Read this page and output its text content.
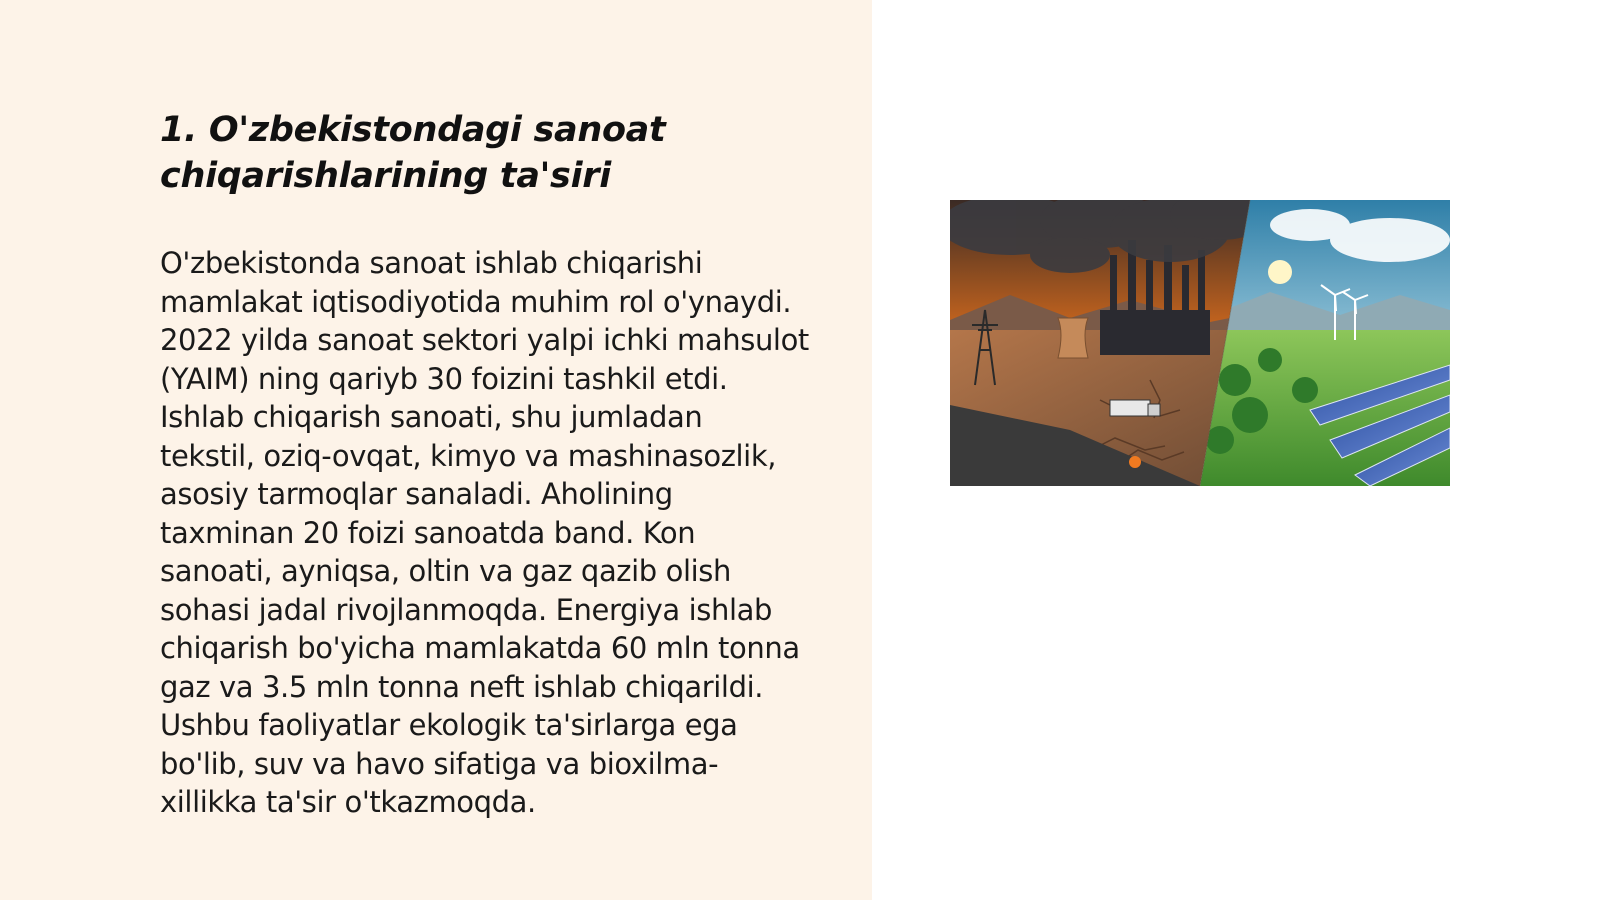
1. O'zbekistondagi sanoat
chiqarishlarining ta'siri

O'zbekistonda sanoat ishlab chiqarishi
mamlakat iqtisodiyotida muhim rol o'ynaydi.
2022 yilda sanoat sektori yalpi ichki mahsulot
(YAIM) ning qariyb 30 foizini tashkil etdi.
Ishlab chiqarish sanoati, shu jumladan
tekstil, oziq-ovqat, kimyo va mashinasozlik,
asosiy tarmoqlar sanaladi. Aholining
taxminan 20 foizi sanoatda band. Kon
sanoati, ayniqsa, oltin va gaz qazib olish
sohasi jadal rivojlanmoqda. Energiya ishlab
chiqarish bo'yicha mamlakatda 60 mln tonna
gaz va 3.5 mln tonna neft ishlab chiqarildi.
Ushbu faoliyatlar ekologik ta'sirlarga ega
bo'lib, suv va havo sifatiga va bioxilma-
xillikka ta'sir o'tkazmoqda.
